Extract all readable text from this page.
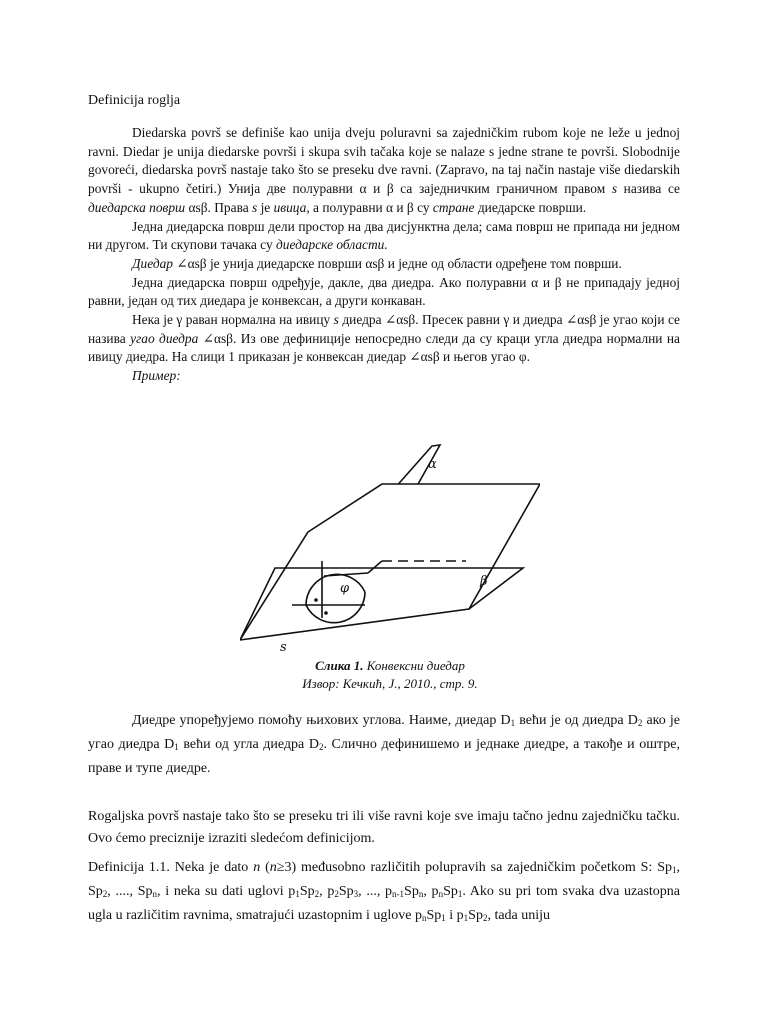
Definicija roglja

Diedarska površ se definiše kao unija dveju poluravni sa zajedničkim rubom koje ne leže u jednoj ravni. Diedar je unija diedarske površi i skupa svih tačaka koje se nalaze s jedne strane te površi. Slobodnije govoreći, diedarska površ nastaje tako što se preseku dve ravni. (Zapravo, na taj način nastaje više diedarskih površi - ukupno četiri.) Унија две полуравни α и β са заједничким граничном правом s назива се диедарска површ αsβ. Права s је ивица, а полуравни α и β су стране диедарске површи.

Једна диедарска површ дели простор на два дисјунктна дела; сама површ не припада ни једном ни другом. Ти скупови тачака су диедарске области.

Диедар ∠αsβ је унија диедарске површи αsβ и једне од области одређене том површи.

Једна диедарска површ одређује, дакле, два диедра. Ако полуравни α и β не припадају једној равни, један од тих диедара је конвексан, а други конкаван.

Нека је γ раван нормална на ивицу s диедра ∠αsβ. Пресек равни γ и диедра ∠αsβ је угао који се назива угао диедра ∠αsβ. Из ове дефиниције непосредно следи да су краци угла диедра нормални на ивицу диедра. На слици 1 приказан је конвексан диедар ∠αsβ и његов угао φ.

Пример:

α
β
φ
s
Слика 1. Конвексни диедар
Извор: Кечкић, J., 2010., стр. 9.

Диедре упоређујемо помоћу њихових углова. Наиме, диедар $D_1$ већи је од диедра $D_2$ ако је угао диедра $D_1$ већи од угла диедра $D_2$. Слично дефинишемо и једнаке диедре, а такође и оштре, праве и тупе диедре.

Rogaljska površ nastaje tako što se preseku tri ili više ravni koje sve imaju tačno jednu zajedničku tačku. Ovo ćemo preciznije izraziti sledećom definicijom.

Definicija 1.1. Neka je dato n (n≥3) međusobno različitih polupravih sa zajedničkim početkom S: $Sp_1$, $Sp_2$, ...., $Sp_n$, i neka su dati uglovi $p_1Sp_2$, $p_2Sp_3$, ..., $p_{n-1}Sp_n$, $p_nSp_1$. Ako su pri tom svaka dva uzastopna ugla u različitim ravnima, smatrajući uzastopnim i uglove $p_nSp_1$ i $p_1Sp_2$, tada uniju
